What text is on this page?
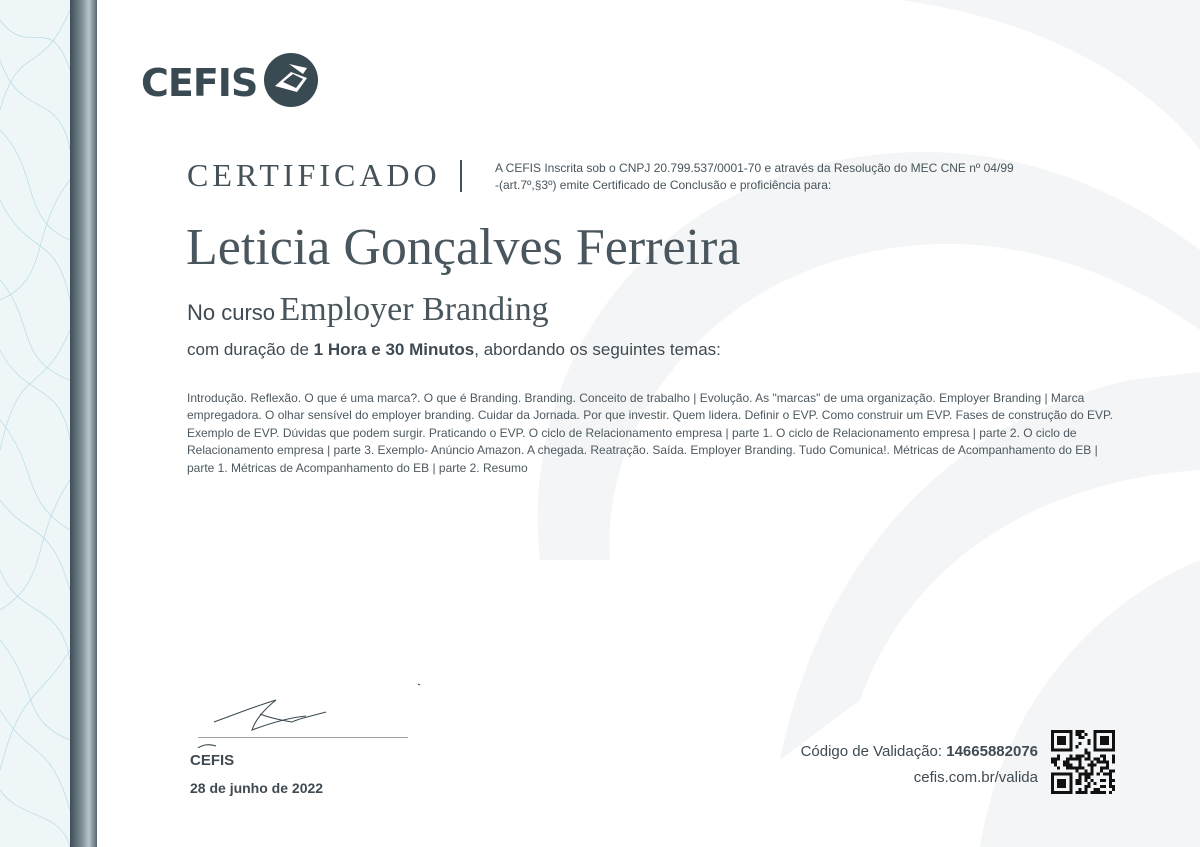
CEFIS
CERTIFICADO	A CEFIS Inscrita sob o CNPJ 20.799.537/0001-70 e através da Resolução do MEC CNE nº 04/99 -(art.7º,§3º) emite Certificado de Conclusão e proficiência para:
Leticia Gonçalves Ferreira
No curso Employer Branding
com duração de 1 Hora e 30 Minutos, abordando os seguintes temas:
Introdução. Reflexão. O que é uma marca?. O que é Branding. Branding. Conceito de trabalho | Evolução. As "marcas" de uma organização. Employer Branding | Marca empregadora. O olhar sensível do employer branding. Cuidar da Jornada. Por que investir. Quem lidera. Definir o EVP. Como construir um EVP. Fases de construção do EVP. Exemplo de EVP. Dúvidas que podem surgir. Praticando o EVP. O ciclo de Relacionamento empresa | parte 1. O ciclo de Relacionamento empresa | parte 2. O ciclo de Relacionamento empresa | parte 3. Exemplo- Anúncio Amazon. A chegada. Reatração. Saída. Employer Branding. Tudo Comunica!. Métricas de Acompanhamento do EB | parte 1. Métricas de Acompanhamento do EB | parte 2. Resumo
CEFIS
28 de junho de 2022
Código de Validação: 14665882076
cefis.com.br/valida
